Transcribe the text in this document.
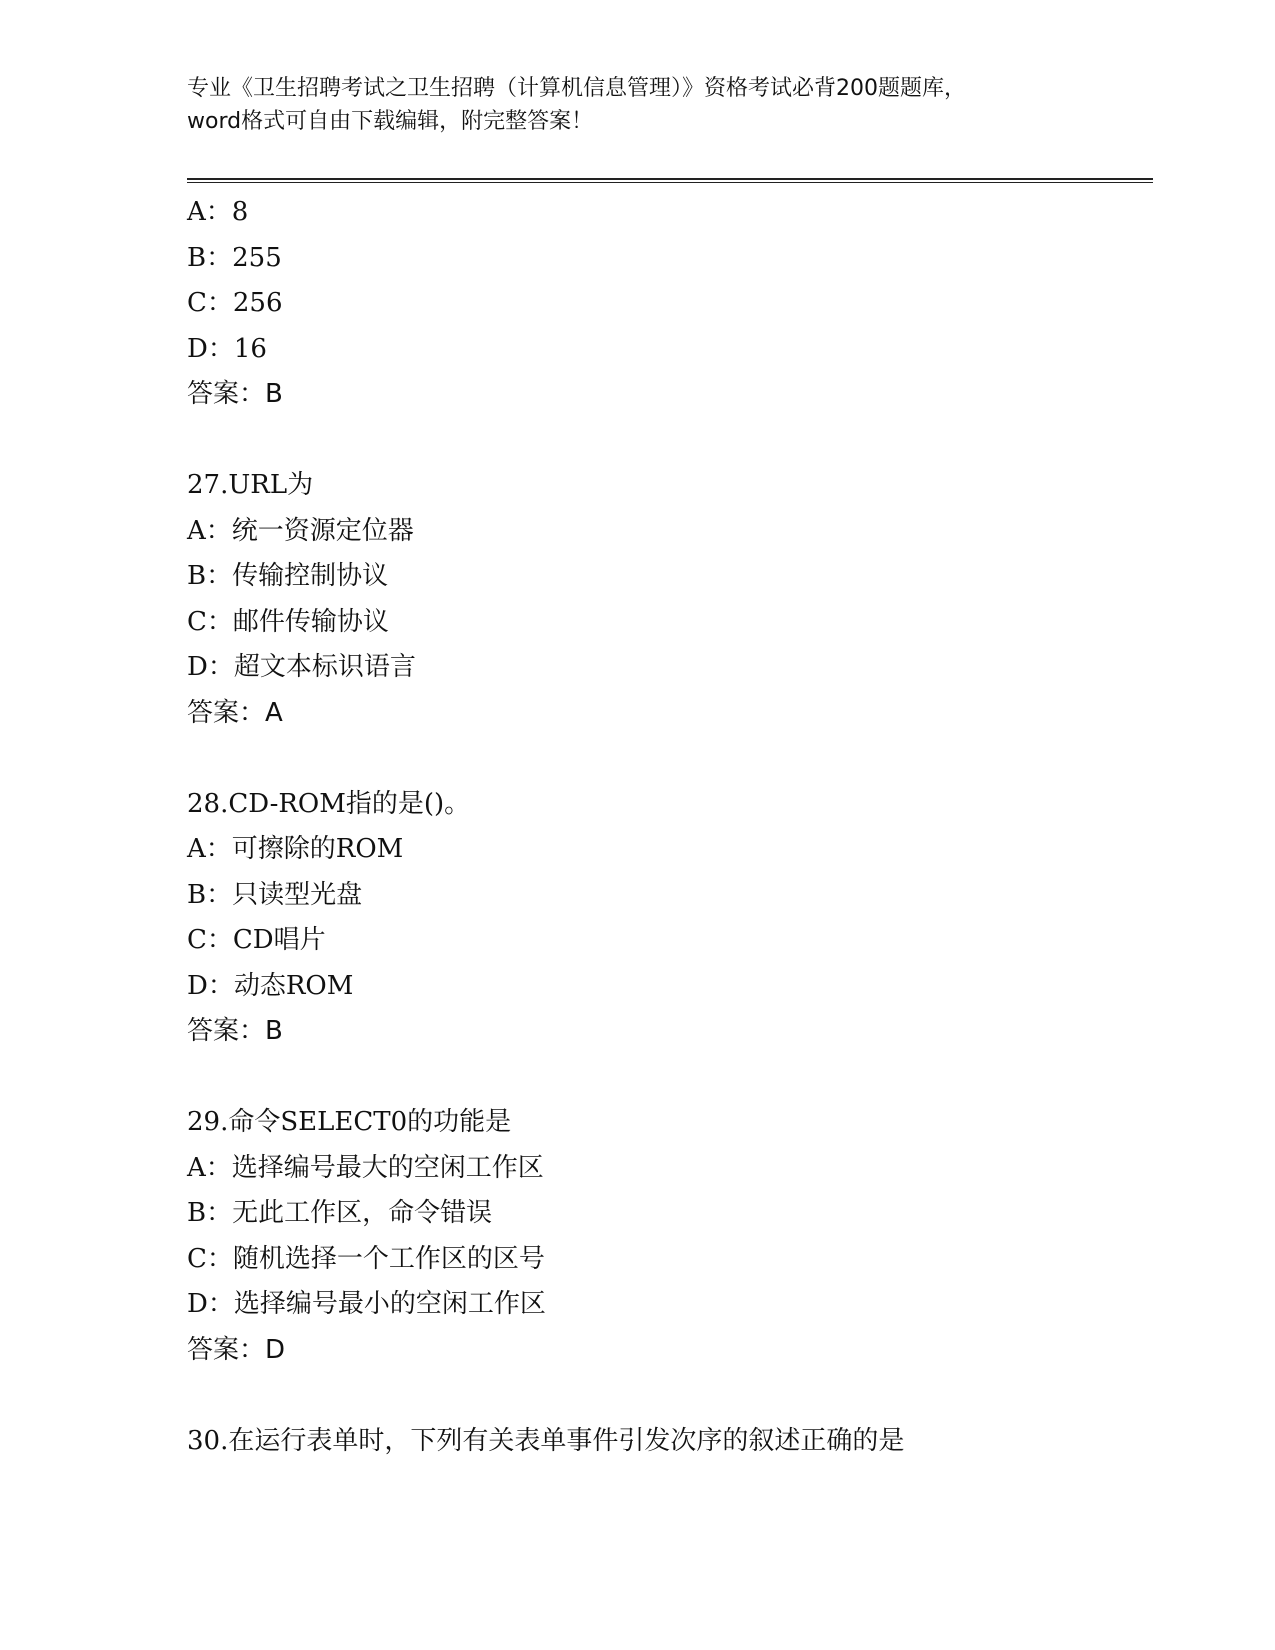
专业《卫生招聘考试之卫生招聘（计算机信息管理）》资格考试必背200题题库，
word格式可自由下载编辑，附完整答案！
A：8
B：255
C：256
D：16
答案：B
27.URL为
A：统一资源定位器
B：传输控制协议
C：邮件传输协议
D：超文本标识语言
答案：A
28.CD-ROM指的是()。
A：可擦除的ROM
B：只读型光盘
C：CD唱片
D：动态ROM
答案：B
29.命令SELECT0的功能是
A：选择编号最大的空闲工作区
B：无此工作区，命令错误
C：随机选择一个工作区的区号
D：选择编号最小的空闲工作区
答案：D
30.在运行表单时，下列有关表单事件引发次序的叙述正确的是
